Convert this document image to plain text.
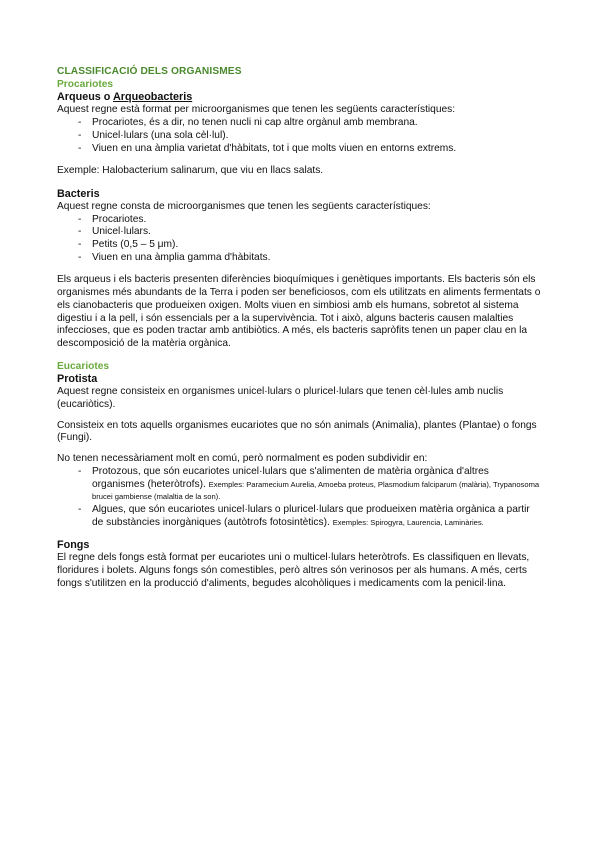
CLASSIFICACIÓ DELS ORGANISMES
Procariotes
Arqueus o Arqueobacteris

Aquest regne està format per microorganismes que tenen les següents característiques:

- Procariotes, és a dir, no tenen nucli ni cap altre orgànul amb membrana.
- Unicel·lulars (una sola cèl·lul).
- Viuen en una àmplia varietat d'hàbitats, tot i que molts viuen en entorns extrems.

Exemple: Halobacterium salinarum, que viu en llacs salats.

Bacteris

Aquest regne consta de microorganismes que tenen les següents característiques:

- Procariotes.
- Unicel·lulars.
- Petits (0,5 – 5 μm).
- Viuen en una àmplia gamma d'hàbitats.

Els arqueus i els bacteris presenten diferències bioquímiques i genètiques importants. Els bacteris són els organismes més abundants de la Terra i poden ser beneficiosos, com els utilitzats en aliments fermentats o els cianobacteris que produeixen oxigen. Molts viuen en simbiosi amb els humans, sobretot al sistema digestiu i a la pell, i són essencials per a la supervivència. Tot i això, alguns bacteris causen malalties infeccioses, que es poden tractar amb antibiòtics. A més, els bacteris sapròfits tenen un paper clau en la descomposició de la matèria orgànica.

Eucariotes
Protista

Aquest regne consisteix en organismes unicel·lulars o pluricel·lulars que tenen cèl·lules amb nuclis (eucariòtics).

Consisteix en tots aquells organismes eucariotes que no són animals (Animalia), plantes (Plantae) o fongs (Fungi).

No tenen necessàriament molt en comú, però normalment es poden subdividir en:

- Protozous, que són eucariotes unicel·lulars que s'alimenten de matèria orgànica d'altres organismes (heteròtrofs). Exemples: Paramecium Aurelia, Amoeba proteus, Plasmodium falciparum (malària), Trypanosoma brucei gambiense (malaltia de la son).
- Algues, que són eucariotes unicel·lulars o pluricel·lulars que produeixen matèria orgànica a partir de substàncies inorgàniques (autòtrofs fotosintètics). Exemples: Spirogyra, Laurencia, Laminàries.
Fongs

El regne dels fongs està format per eucariotes uni o multicel·lulars heteròtrofs. Es classifiquen en llevats, floridures i bolets. Alguns fongs són comestibles, però altres són verinosos per als humans. A més, certs fongs s'utilitzen en la producció d'aliments, begudes alcohòliques i medicaments com la penicil·lina.
